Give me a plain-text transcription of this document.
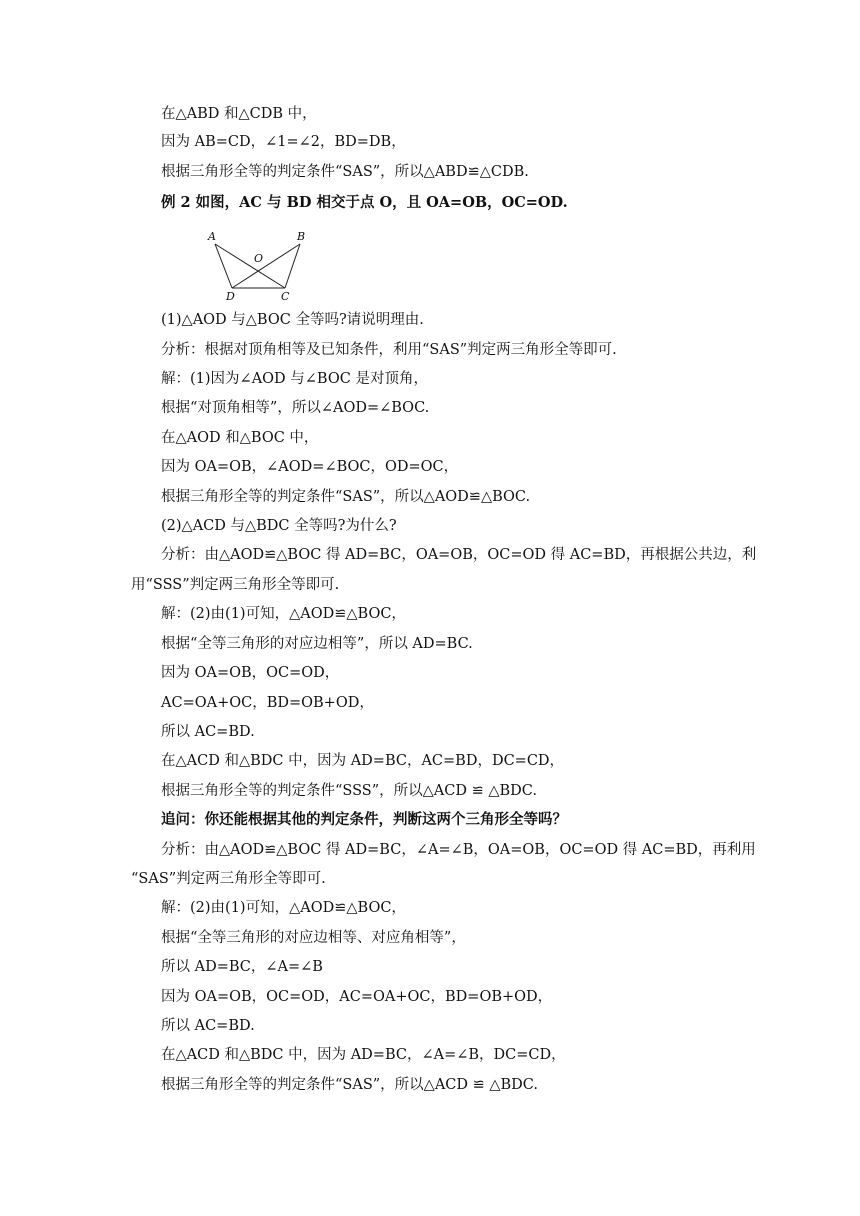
在△ABD 和△CDB 中，
因为 AB=CD，∠1=∠2，BD=DB，
根据三角形全等的判定条件“SAS”，所以△ABD≌△CDB.
例 2 如图，AC 与 BD 相交于点 O，且 OA=OB，OC=OD.
A	B
O
D	C
(1)△AOD 与△BOC 全等吗?请说明理由.
分析：根据对顶角相等及已知条件，利用“SAS”判定两三角形全等即可.
解：(1)因为∠AOD 与∠BOC 是对顶角，
根据“对顶角相等”，所以∠AOD=∠BOC.
在△AOD 和△BOC 中，
因为 OA=OB，∠AOD=∠BOC，OD=OC，
根据三角形全等的判定条件“SAS”，所以△AOD≌△BOC.
(2)△ACD 与△BDC 全等吗?为什么?
分析：由△AOD≌△BOC 得 AD=BC，OA=OB，OC=OD 得 AC=BD，再根据公共边，利
用“SSS”判定两三角形全等即可.
解：(2)由(1)可知，△AOD≌△BOC，
根据“全等三角形的对应边相等”，所以 AD=BC.
因为 OA=OB，OC=OD，
AC=OA+OC，BD=OB+OD，
所以 AC=BD.
在△ACD 和△BDC 中，因为 AD=BC，AC=BD，DC=CD，
根据三角形全等的判定条件“SSS”，所以△ACD ≌ △BDC.
追问：你还能根据其他的判定条件，判断这两个三角形全等吗？
分析：由△AOD≌△BOC 得 AD=BC，∠A=∠B，OA=OB，OC=OD 得 AC=BD，再利用
“SAS”判定两三角形全等即可.
解：(2)由(1)可知，△AOD≌△BOC，
根据“全等三角形的对应边相等、对应角相等”，
所以 AD=BC，∠A=∠B
因为 OA=OB，OC=OD，AC=OA+OC，BD=OB+OD，
所以 AC=BD.
在△ACD 和△BDC 中，因为 AD=BC，∠A=∠B，DC=CD，
根据三角形全等的判定条件“SAS”，所以△ACD ≌ △BDC.
